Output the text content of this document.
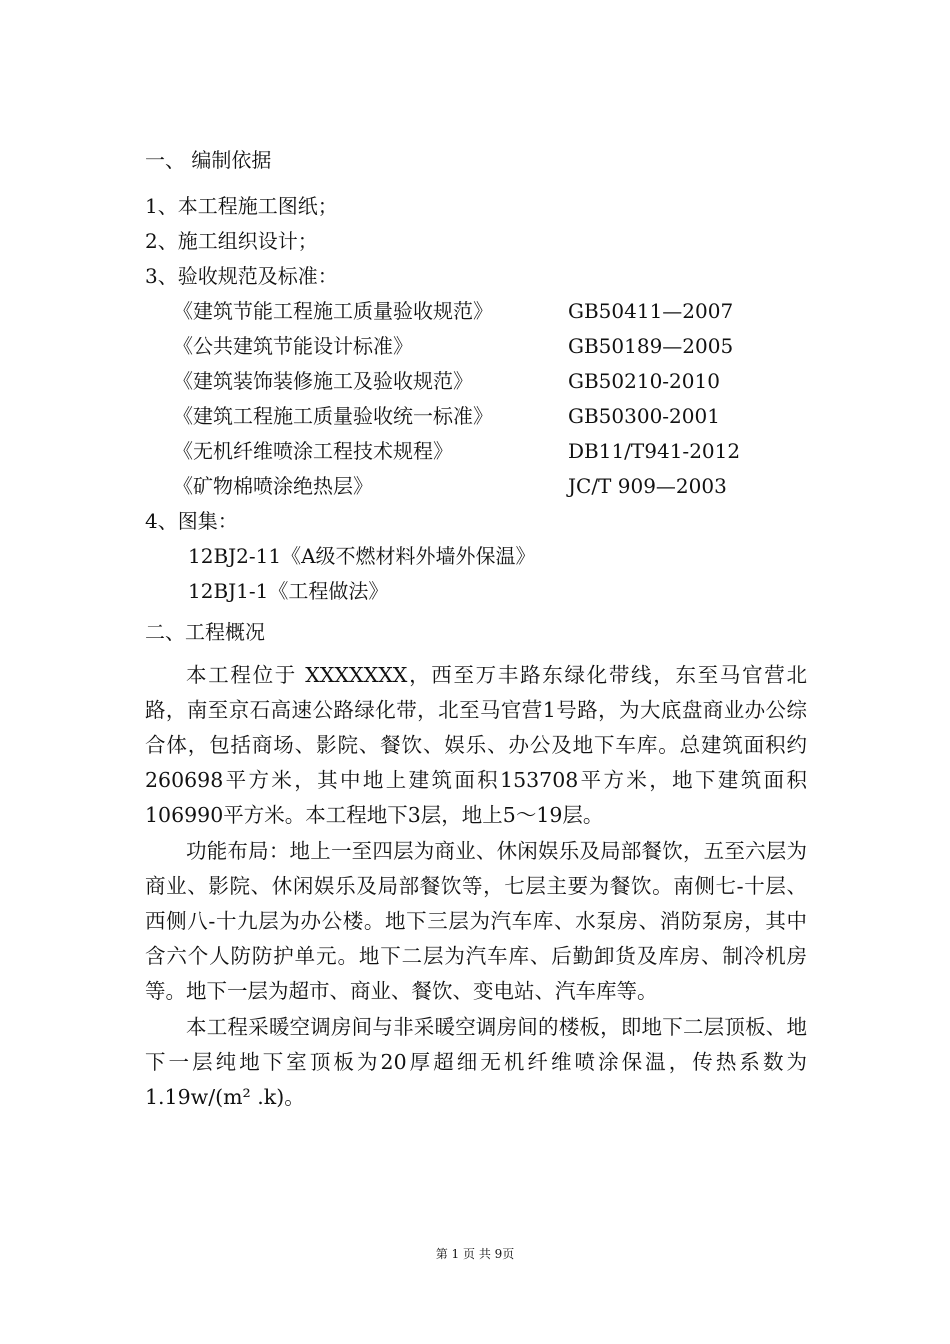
一、 编制依据
1、本工程施工图纸；
2、施工组织设计；
3、验收规范及标准：
《建筑节能工程施工质量验收规范》	GB50411—2007
《公共建筑节能设计标准》	GB50189—2005
《建筑装饰装修施工及验收规范》	GB50210-2010
《建筑工程施工质量验收统一标准》	GB50300-2001
《无机纤维喷涂工程技术规程》	DB11/T941-2012
《矿物棉喷涂绝热层》	JC/T 909—2003
4、图集：
12BJ2-11《A级不燃材料外墙外保温》
12BJ1-1《工程做法》
二、工程概况

本工程位于 XXXXXXX，西至万丰路东绿化带线，东至马官营北路，南至京石高速公路绿化带，北至马官营1号路，为大底盘商业办公综合体，包括商场、影院、餐饮、娱乐、办公及地下车库。总建筑面积约260698平方米，其中地上建筑面积153708平方米，地下建筑面积106990平方米。本工程地下3层，地上5～19层。

功能布局：地上一至四层为商业、休闲娱乐及局部餐饮，五至六层为商业、影院、休闲娱乐及局部餐饮等，七层主要为餐饮。南侧七-十层、西侧八-十九层为办公楼。地下三层为汽车库、水泵房、消防泵房，其中含六个人防防护单元。地下二层为汽车库、后勤卸货及库房、制冷机房等。地下一层为超市、商业、餐饮、变电站、汽车库等。

本工程采暖空调房间与非采暖空调房间的楼板，即地下二层顶板、地下一层纯地下室顶板为20厚超细无机纤维喷涂保温，传热系数为1.19w/(m² .k)。

第 1 页 共 9页
